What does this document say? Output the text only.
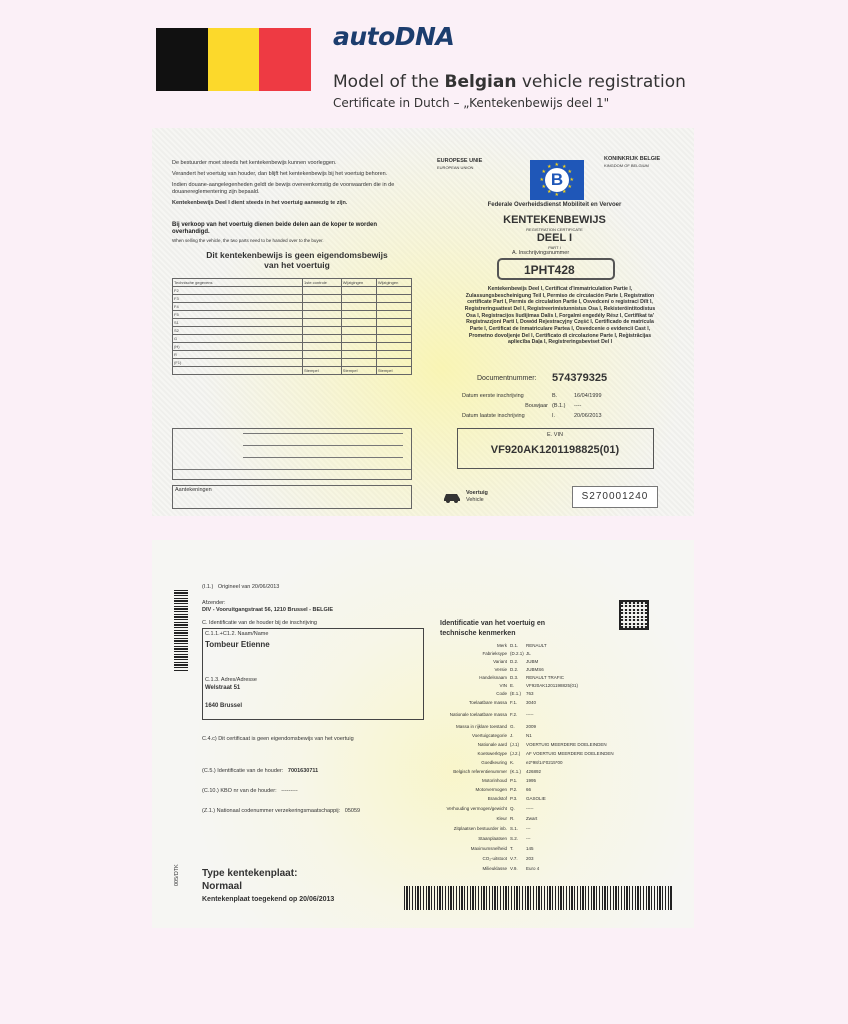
autoDNA
Model of the Belgian vehicle registration
Certificate in Dutch – „Kentekenbewijs deel 1"
De bestuurder moet steeds het kentekenbewijs kunnen voorleggen.
Verandert het voertuig van houder, dan blijft het kentekenbewijs bij het voertuig behoren.
Indien douane-aangelegenheden geldt de bewijs overeenkomstig de voorwaarden die in de douanereglementering zijn bepaald.
Kentekenbewijs Deel I dient steeds in het voertuig aanwezig te zijn.
Bij verkoop van het voertuig dienen beide delen aan de koper te worden overhandigd.
When selling the vehicle, the two parts need to be handed over to the buyer.
Dit kentekenbewijs is geen eigendomsbewijs
van het voertuig
Technische gegevens	1ste controle	Wijzigingen	Wijzigingen
F2			
F3			
F4			
F5			
S1			
S2			
G			
(H)			
R			
(F1)			
	Stempel	Stempel	Stempel
Aantekeningen
EUROPESE UNIE
EUROPEAN UNION
B
★ ★
★
★
★
★
★
★
★
★
★
★
KONINKRIJK BELGIE
KINGDOM OF BELGIUM
Federale Overheidsdienst Mobiliteit en Vervoer
KENTEKENBEWIJS
REGISTRATION CERTIFICATE
DEEL I
PART I
A. Inschrijvingsnummer
1PHT428
Kentekenbewijs Deel I, Certificat d'immatriculation Partie I, Zulassungsbescheinigung Teil I, Permiso de circulación Parte I, Registration certificate Part I, Permis de circulation Partie I, Osvedcení o registraci Dílt I, Registreringsattest Del I, Registreerimistunnistus Osa I, Rekisteröintitodistus Osa I, Registracijos liudijimas Dalis I, Forgalmi engedély Rész I, Certifikat ta' Registrazzjoni Parti I, Dowód Rejestracyjny Część I, Certificado de matrícula Parte I, Certificat de înmatriculare Partea I, Osvedcenie o evidencii Cast I, Prometno dovoljenje Del I, Certificato di circolazione Parte I, Reģistrācijas apliecība Daļa I, Registreringsbeviset Del I
Documentnummer: 574379325
Datum eerste inschrijving	B.	16/04/1999
Bouwjaar (B.1.) ----
Datum laatste inschrijving	I.	20/06/2013
E. VIN
VF920AK1201198825(01)
Voertuig
Vehicle	S270001240
005/DTK
(I.1.) Origineel van 20/06/2013
Afzender:
DIV - Vooruitgangstraat 56, 1210 Brussel - BELGIE
C. Identificatie van de houder bij de inschrijving
C.1.1.+C1.2. Naam/Name
Tombeur Etienne
C.1.3. Adres/Adresse
Welstraat 51
1640 Brussel
C.4.c) Dit certificaat is geen eigendomsbewijs van het voertuig
(C.5.) Identificatie van de houder: 7001630711
(C.10.) KBO nr van de houder: ---------
(Z.1.) Nationaal codenummer verzekeringsmaatschappij: 05059
Type kentekenplaat:
Normaal
Kentekenplaat toegekend op 20/06/2013
Identificatie van het voertuig en
technische kenmerken
Merk D.1. RENAULT
Fabrieksype (D.2.1) JL
Variant D.2. JUBM
Versie D.2. JUBMS6
Handelsnaam D.3. RENAULT TRAFIC
VIN E.	VF920AK1201198825(01)
Code (E.1.) 763
Toelaatbare massa F.1. 3040
Nationale toelaatbare massa F.2. -----
Massa in rijklare toestand G. 2009
Voertuigcategorie J.	N1
Nationale aard (J.1) VOERTUIG MEERDERE DOELEINDEN
Koetswerktype (J.2.) AF VOERTUIG MEERDERE DOELEINDEN
Goedkeuring K.	e2*98/14*0215*00
Belgisch referentienummer (K.1.) 426892
Motorinhoud P.1. 1995
Motorvermogen P.2. 66
Brandstof P.3. GASOLIE
Verhouding vermogen/gewicht Q. -----
Kleur R.	Zwart
Zitplaatsen bestuurder inb. S.1. ---
Staanplaatsen S.2. ---
Maximumsnelheid T.	145
CO₂-uitstoot V.7. 203
Milieuklasse V.9. Euro 4
